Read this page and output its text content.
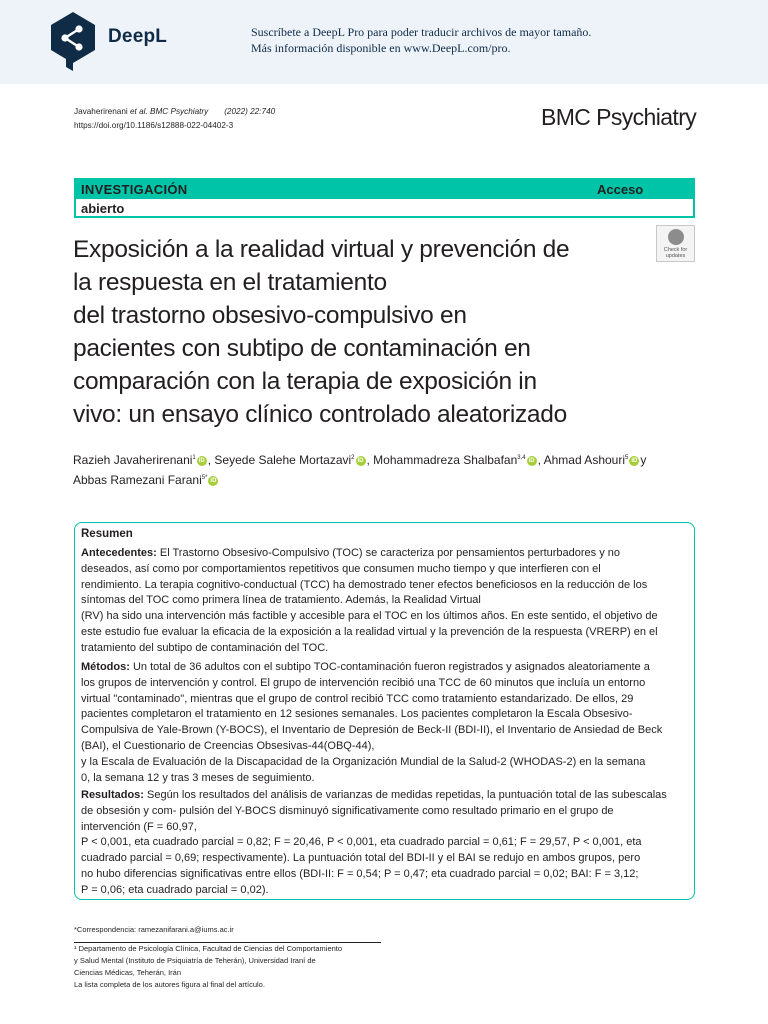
DeepL	Suscríbete a DeepL Pro para poder traducir archivos de mayor tamaño.
Más información disponible en www.DeepL.com/pro.
Javaherirenani et al. BMC Psychiatry (2022) 22:740
https://doi.org/10.1186/s12888-022-04402-3	BMC Psychiatry
INVESTIGACIÓN	Acceso
abierto
Exposición a la realidad virtual y prevención de
la respuesta en el tratamiento
del trastorno obsesivo-compulsivo en
pacientes con subtipo de contaminación en
comparación con la terapia de exposición in
vivo: un ensayo clínico controlado aleatorizado
Check for
updates
Razieh Javaherirenani$^1$ iD , Seyede Salehe Mortazavi$^2$ iD , Mohammadreza Shalbafan$^{3,4}$ iD , Ahmad Ashouri$^5$ iD y
Abbas Ramezani Farani$^{5*}$ iD
Resumen
Antecedentes: El Trastorno Obsesivo-Compulsivo (TOC) se caracteriza por pensamientos perturbadores y no
deseados, así como por comportamientos repetitivos que consumen mucho tiempo y que interfieren con el
rendimiento. La terapia cognitivo-conductual (TCC) ha demostrado tener efectos beneficiosos en la reducción de los
síntomas del TOC como primera línea de tratamiento. Además, la Realidad Virtual
(RV) ha sido una intervención más factible y accesible para el TOC en los últimos años. En este sentido, el objetivo de
este estudio fue evaluar la eficacia de la exposición a la realidad virtual y la prevención de la respuesta (VRERP) en el
tratamiento del subtipo de contaminación del TOC.
Métodos: Un total de 36 adultos con el subtipo TOC-contaminación fueron registrados y asignados aleatoriamente a
los grupos de intervención y control. El grupo de intervención recibió una TCC de 60 minutos que incluía un entorno
virtual "contaminado", mientras que el grupo de control recibió TCC como tratamiento estandarizado. De ellos, 29
pacientes completaron el tratamiento en 12 sesiones semanales. Los pacientes completaron la Escala Obsesivo-
Compulsiva de Yale-Brown (Y-BOCS), el Inventario de Depresión de Beck-II (BDI-II), el Inventario de Ansiedad de Beck
(BAI), el Cuestionario de Creencias Obsesivas-44(OBQ-44),
y la Escala de Evaluación de la Discapacidad de la Organización Mundial de la Salud-2 (WHODAS-2) en la semana
0, la semana 12 y tras 3 meses de seguimiento.
Resultados: Según los resultados del análisis de varianzas de medidas repetidas, la puntuación total de las subescalas
de obsesión y com- pulsión del Y-BOCS disminuyó significativamente como resultado primario en el grupo de
intervención (F = 60,97,
P < 0,001, eta cuadrado parcial = 0,82; F = 20,46, P < 0,001, eta cuadrado parcial = 0,61; F = 29,57, P < 0,001, eta
cuadrado parcial = 0,69; respectivamente). La puntuación total del BDI-II y el BAI se redujo en ambos grupos, pero
no hubo diferencias significativas entre ellos (BDI-II: F = 0,54; P = 0,47; eta cuadrado parcial = 0,02; BAI: F = 3,12;
P = 0,06; eta cuadrado parcial = 0,02).
*Correspondencia: ramezanifarani.a@iums.ac.ir
¹ Departamento de Psicología Clínica, Facultad de Ciencias del Comportamiento
y Salud Mental (Instituto de Psiquiatría de Teherán), Universidad Iraní de
Ciencias Médicas, Teherán, Irán
La lista completa de los autores figura al final del artículo.
